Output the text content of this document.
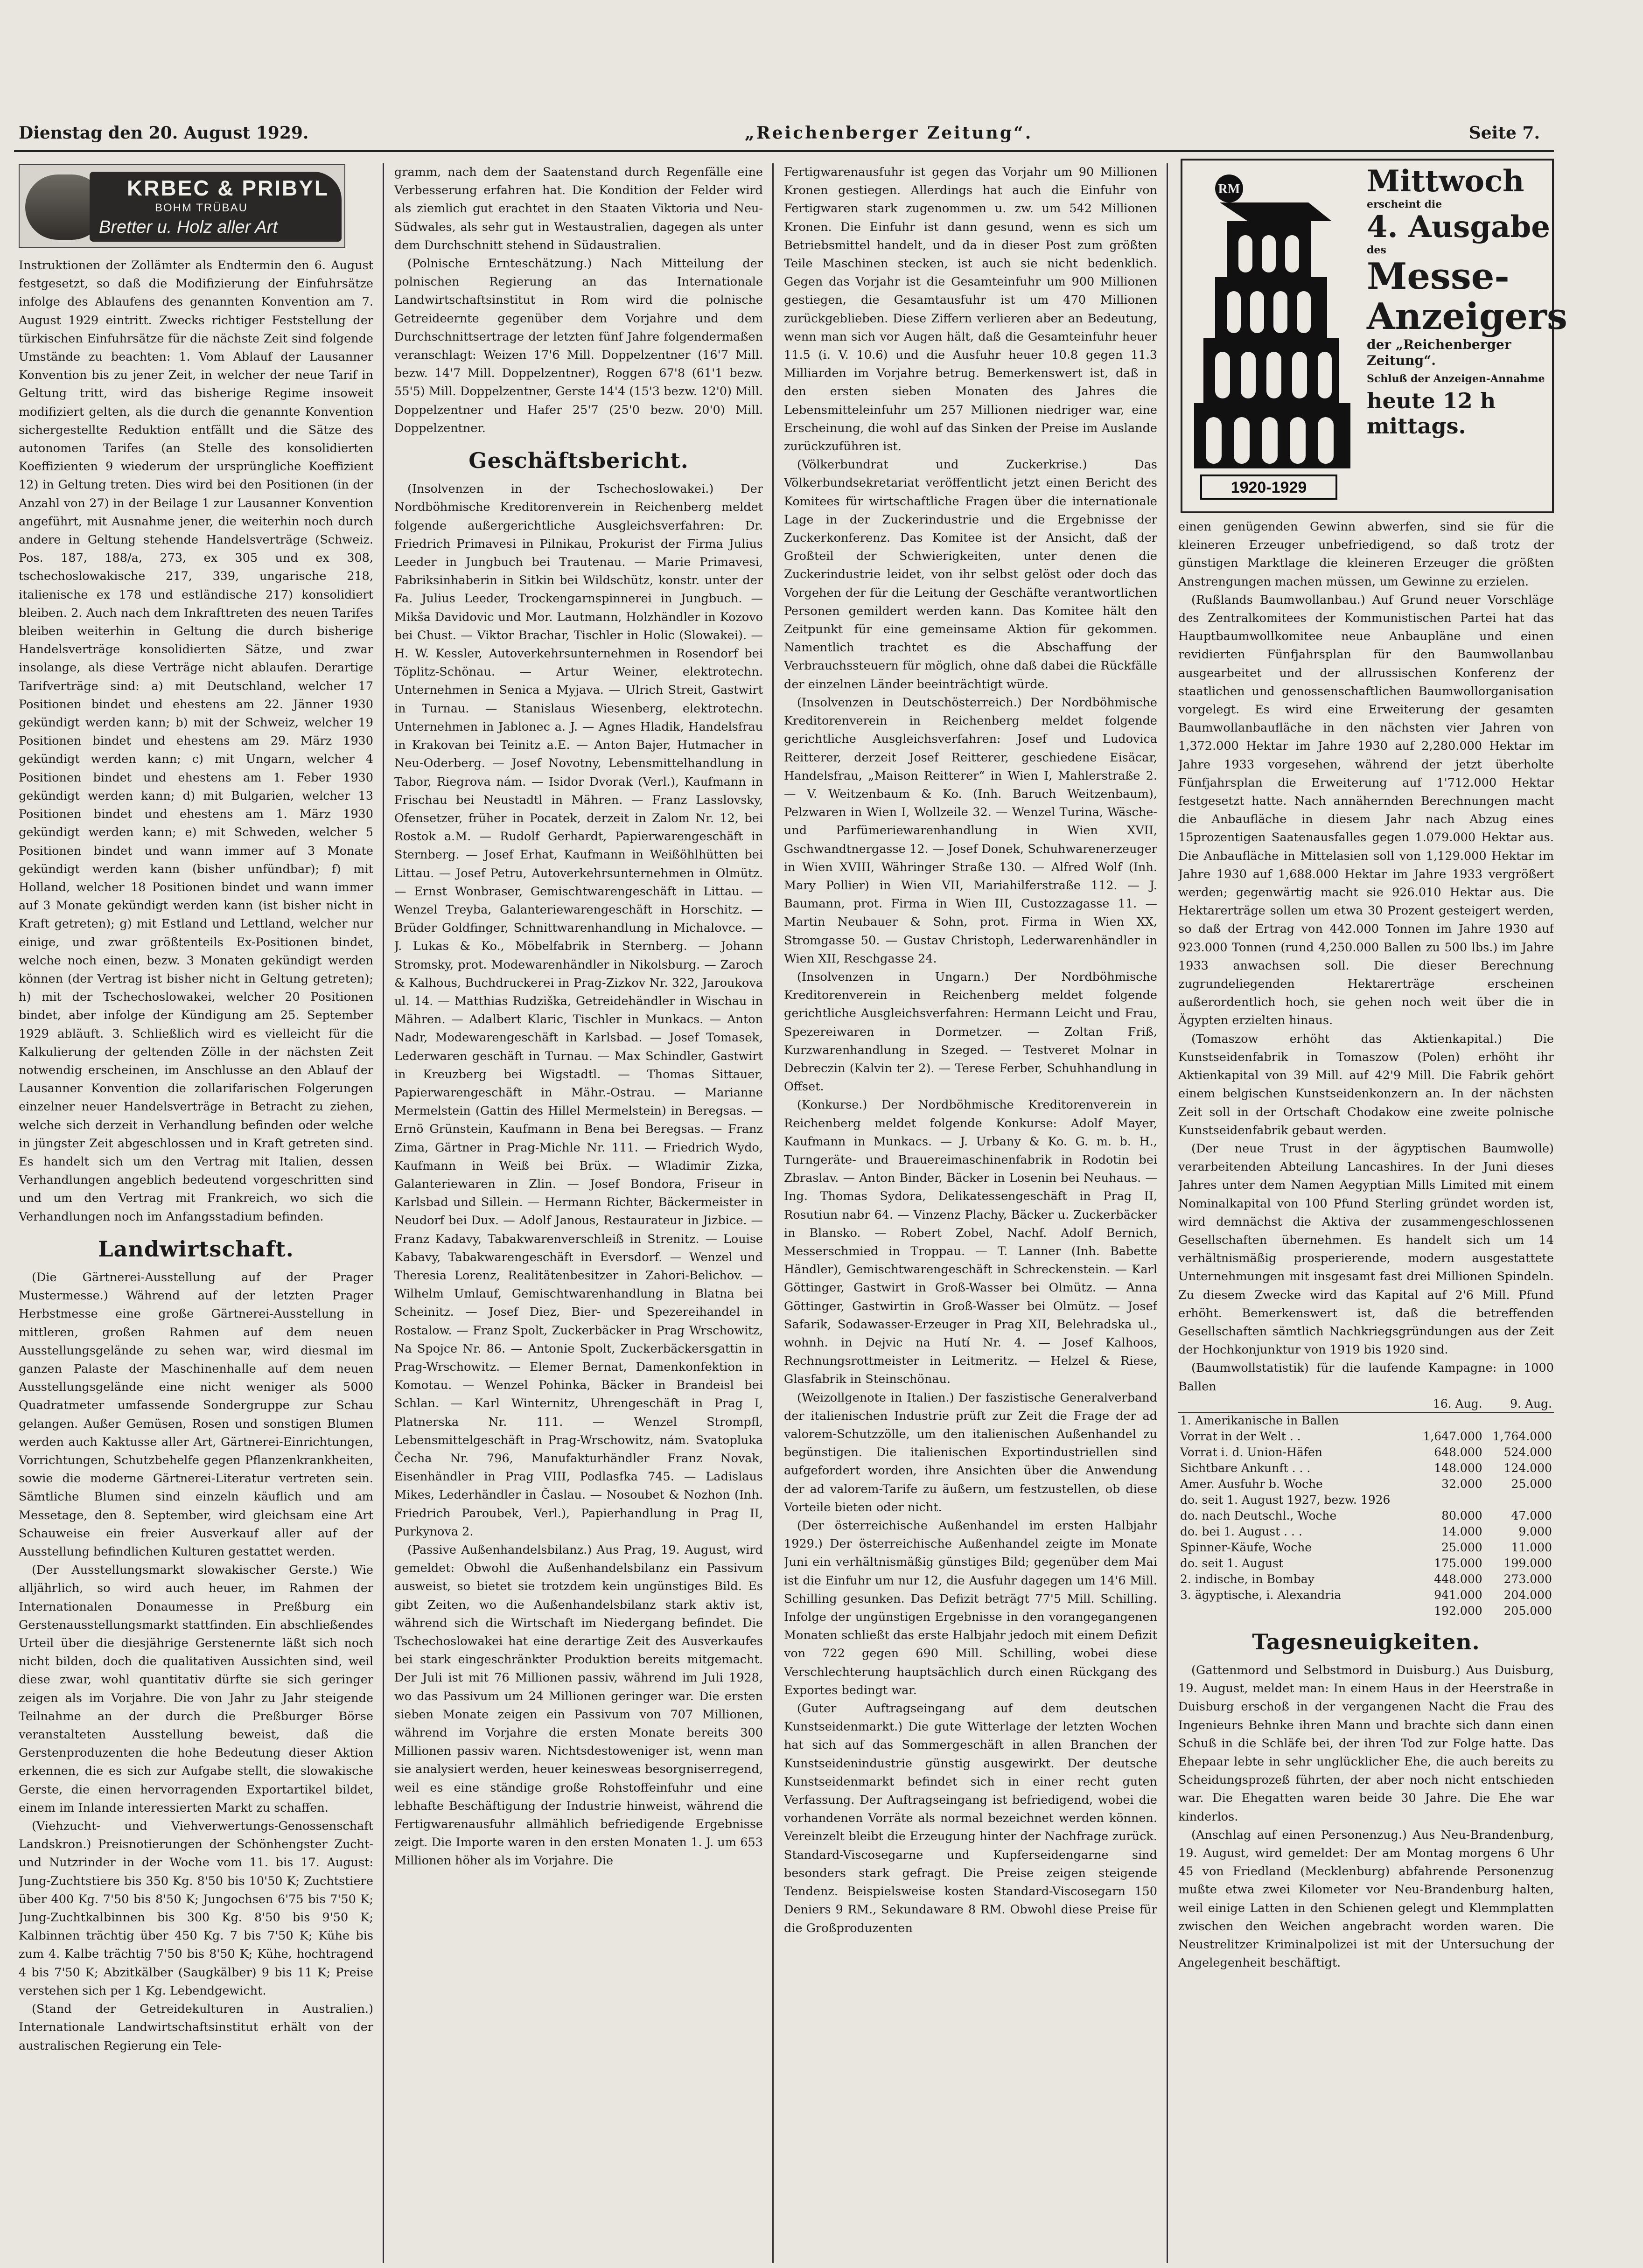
Dienstag den 20. August 1929.	„Reichenberger Zeitung“.	Seite 7.
KRBEC & PRIBYL
BOHM TRÜBAU
Bretter u. Holz aller Art

Instruktionen der Zollämter als Endtermin den 6. August festgesetzt, so daß die Modifizierung der Einfuhrsätze infolge des Ablaufens des genannten Konvention am 7. August 1929 eintritt. Zwecks richtiger Feststellung der türkischen Einfuhrsätze für die nächste Zeit sind folgende Umstände zu beachten: 1. Vom Ablauf der Lausanner Konvention bis zu jener Zeit, in welcher der neue Tarif in Geltung tritt, wird das bisherige Regime insoweit modifiziert gelten, als die durch die genannte Konvention sichergestellte Reduktion entfällt und die Sätze des autonomen Tarifes (an Stelle des konsolidierten Koeffizienten 9 wiederum der ursprüngliche Koeffizient 12) in Geltung treten. Dies wird bei den Positionen (in der Anzahl von 27) in der Beilage 1 zur Lausanner Konvention angeführt, mit Ausnahme jener, die weiterhin noch durch andere in Geltung stehende Handelsverträge (Schweiz. Pos. 187, 188/a, 273, ex 305 und ex 308, tschechoslowakische 217, 339, ungarische 218, italienische ex 178 und estländische 217) konsolidiert bleiben. 2. Auch nach dem Inkrafttreten des neuen Tarifes bleiben weiterhin in Geltung die durch bisherige Handelsverträge konsolidierten Sätze, und zwar insolange, als diese Verträge nicht ablaufen. Derartige Tarifverträge sind: a) mit Deutschland, welcher 17 Positionen bindet und ehestens am 22. Jänner 1930 gekündigt werden kann; b) mit der Schweiz, welcher 19 Positionen bindet und ehestens am 29. März 1930 gekündigt werden kann; c) mit Ungarn, welcher 4 Positionen bindet und ehestens am 1. Feber 1930 gekündigt werden kann; d) mit Bulgarien, welcher 13 Positionen bindet und ehestens am 1. März 1930 gekündigt werden kann; e) mit Schweden, welcher 5 Positionen bindet und wann immer auf 3 Monate gekündigt werden kann (bisher unfündbar); f) mit Holland, welcher 18 Positionen bindet und wann immer auf 3 Monate gekündigt werden kann (ist bisher nicht in Kraft getreten); g) mit Estland und Lettland, welcher nur einige, und zwar größtenteils Ex-Positionen bindet, welche noch einen, bezw. 3 Monaten gekündigt werden können (der Vertrag ist bisher nicht in Geltung getreten); h) mit der Tschechoslowakei, welcher 20 Positionen bindet, aber infolge der Kündigung am 25. September 1929 abläuft. 3. Schließlich wird es vielleicht für die Kalkulierung der geltenden Zölle in der nächsten Zeit notwendig erscheinen, im Anschlusse an den Ablauf der Lausanner Konvention die zollarifarischen Folgerungen einzelner neuer Handelsverträge in Betracht zu ziehen, welche sich derzeit in Verhandlung befinden oder welche in jüngster Zeit abgeschlossen und in Kraft getreten sind. Es handelt sich um den Vertrag mit Italien, dessen Verhandlungen angeblich bedeutend vorgeschritten sind und um den Vertrag mit Frankreich, wo sich die Verhandlungen noch im Anfangsstadium befinden.

Landwirtschaft.

(Die Gärtnerei-Ausstellung auf der Prager Mustermesse.) Während auf der letzten Prager Herbstmesse eine große Gärtnerei-Ausstellung in mittleren, großen Rahmen auf dem neuen Ausstellungsgelände zu sehen war, wird diesmal im ganzen Palaste der Maschinenhalle auf dem neuen Ausstellungsgelände eine nicht weniger als 5000 Quadratmeter umfassende Sondergruppe zur Schau gelangen. Außer Gemüsen, Rosen und sonstigen Blumen werden auch Kaktusse aller Art, Gärtnerei-Einrichtungen, Vorrichtungen, Schutzbehelfe gegen Pflanzenkrankheiten, sowie die moderne Gärtnerei-Literatur vertreten sein. Sämtliche Blumen sind einzeln käuflich und am Messetage, den 8. September, wird gleichsam eine Art Schauweise ein freier Ausverkauf aller auf der Ausstellung befindlichen Kulturen gestattet werden.

(Der Ausstellungsmarkt slowakischer Gerste.) Wie alljährlich, so wird auch heuer, im Rahmen der Internationalen Donaumesse in Preßburg ein Gerstenausstellungsmarkt stattfinden. Ein abschließendes Urteil über die diesjährige Gerstenernte läßt sich noch nicht bilden, doch die qualitativen Aussichten sind, weil diese zwar, wohl quantitativ dürfte sie sich geringer zeigen als im Vorjahre. Die von Jahr zu Jahr steigende Teilnahme an der durch die Preßburger Börse veranstalteten Ausstellung beweist, daß die Gerstenproduzenten die hohe Bedeutung dieser Aktion erkennen, die es sich zur Aufgabe stellt, die slowakische Gerste, die einen hervorragenden Exportartikel bildet, einem im Inlande interessierten Markt zu schaffen.

(Viehzucht- und Viehverwertungs-Genossenschaft Landskron.) Preisnotierungen der Schönhengster Zucht- und Nutzrinder in der Woche vom 11. bis 17. August: Jung-Zuchtstiere bis 350 Kg. 8'50 bis 10'50 K; Zuchtstiere über 400 Kg. 7'50 bis 8'50 K; Jungochsen 6'75 bis 7'50 K; Jung-Zuchtkalbinnen bis 300 Kg. 8'50 bis 9'50 K; Kalbinnen trächtig über 450 Kg. 7 bis 7'50 K; Kühe bis zum 4. Kalbe trächtig 7'50 bis 8'50 K; Kühe, hochtragend 4 bis 7'50 K; Abzitkälber (Saugkälber) 9 bis 11 K; Preise verstehen sich per 1 Kg. Lebendgewicht.

(Stand der Getreidekulturen in Australien.) Internationale Landwirtschaftsinstitut erhält von der australischen Regierung ein Tele-

gramm, nach dem der Saatenstand durch Regenfälle eine Verbesserung erfahren hat. Die Kondition der Felder wird als ziemlich gut erachtet in den Staaten Viktoria und Neu-Südwales, als sehr gut in Westaustralien, dagegen als unter dem Durchschnitt stehend in Südaustralien.

(Polnische Ernteschätzung.) Nach Mitteilung der polnischen Regierung an das Internationale Landwirtschaftsinstitut in Rom wird die polnische Getreideernte gegenüber dem Vorjahre und dem Durchschnittsertrage der letzten fünf Jahre folgendermaßen veranschlagt: Weizen 17'6 Mill. Doppelzentner (16'7 Mill. bezw. 14'7 Mill. Doppelzentner), Roggen 67'8 (61'1 bezw. 55'5) Mill. Doppelzentner, Gerste 14'4 (15'3 bezw. 12'0) Mill. Doppelzentner und Hafer 25'7 (25'0 bezw. 20'0) Mill. Doppelzentner.

Geschäftsbericht.

(Insolvenzen in der Tschechoslowakei.) Der Nordböhmische Kreditorenverein in Reichenberg meldet folgende außergerichtliche Ausgleichsverfahren: Dr. Friedrich Primavesi in Pilnikau, Prokurist der Firma Julius Leeder in Jungbuch bei Trautenau. — Marie Primavesi, Fabriksinhaberin in Sitkin bei Wildschütz, konstr. unter der Fa. Julius Leeder, Trockengarnspinnerei in Jungbuch. — Mikša Davidovic und Mor. Lautmann, Holzhändler in Kozovo bei Chust. — Viktor Brachar, Tischler in Holic (Slowakei). — H. W. Kessler, Autoverkehrsunternehmen in Rosendorf bei Töplitz-Schönau. — Artur Weiner, elektrotechn. Unternehmen in Senica a Myjava. — Ulrich Streit, Gastwirt in Turnau. — Stanislaus Wiesenberg, elektrotechn. Unternehmen in Jablonec a. J. — Agnes Hladik, Handelsfrau in Krakovan bei Teinitz a.E. — Anton Bajer, Hutmacher in Neu-Oderberg. — Josef Novotny, Lebensmittelhandlung in Tabor, Riegrova nám. — Isidor Dvorak (Verl.), Kaufmann in Frischau bei Neustadtl in Mähren. — Franz Lasslovsky, Ofensetzer, früher in Pocatek, derzeit in Zalom Nr. 12, bei Rostok a.M. — Rudolf Gerhardt, Papierwarengeschäft in Sternberg. — Josef Erhat, Kaufmann in Weißöhlhütten bei Littau. — Josef Petru, Autoverkehrsunternehmen in Olmütz. — Ernst Wonbraser, Gemischtwarengeschäft in Littau. — Wenzel Treyba, Galanteriewarengeschäft in Horschitz. — Brüder Goldfinger, Schnittwarenhandlung in Michalovce. — J. Lukas & Ko., Möbelfabrik in Sternberg. — Johann Stromsky, prot. Modewarenhändler in Nikolsburg. — Zaroch & Kalhous, Buchdruckerei in Prag-Zizkov Nr. 322, Jaroukova ul. 14. — Matthias Rudziška, Getreidehändler in Wischau in Mähren. — Adalbert Klaric, Tischler in Munkacs. — Anton Nadr, Modewarengeschäft in Karlsbad. — Josef Tomasek, Lederwaren geschäft in Turnau. — Max Schindler, Gastwirt in Kreuzberg bei Wigstadtl. — Thomas Sittauer, Papierwarengeschäft in Mähr.-Ostrau. — Marianne Mermelstein (Gattin des Hillel Mermelstein) in Beregsas. — Ernö Grünstein, Kaufmann in Bena bei Beregsas. — Franz Zima, Gärtner in Prag-Michle Nr. 111. — Friedrich Wydo, Kaufmann in Weiß bei Brüx. — Wladimir Zizka, Galanteriewaren in Zlin. — Josef Bondora, Friseur in Karlsbad und Sillein. — Hermann Richter, Bäckermeister in Neudorf bei Dux. — Adolf Janous, Restaurateur in Jizbice. — Franz Kadavy, Tabakwarenverschleiß in Strenitz. — Louise Kabavy, Tabakwarengeschäft in Eversdorf. — Wenzel und Theresia Lorenz, Realitätenbesitzer in Zahori-Belichov. — Wilhelm Umlauf, Gemischtwarenhandlung in Blatna bei Scheinitz. — Josef Diez, Bier- und Spezereihandel in Rostalow. — Franz Spolt, Zuckerbäcker in Prag Wrschowitz, Na Spojce Nr. 86. — Antonie Spolt, Zuckerbäckersgattin in Prag-Wrschowitz. — Elemer Bernat, Damenkonfektion in Komotau. — Wenzel Pohinka, Bäcker in Brandeisl bei Schlan. — Karl Winternitz, Uhrengeschäft in Prag I, Platnerska Nr. 111. — Wenzel Strompfl, Lebensmittelgeschäft in Prag-Wrschowitz, nám. Svatopluka Čecha Nr. 796, Manufakturhändler Franz Novak, Eisenhändler in Prag VIII, Podlasfka 745. — Ladislaus Mikes, Lederhändler in Časlau. — Nosoubet & Nozhon (Inh. Friedrich Paroubek, Verl.), Papierhandlung in Prag II, Purkynova 2.

(Passive Außenhandelsbilanz.) Aus Prag, 19. August, wird gemeldet: Obwohl die Außenhandelsbilanz ein Passivum ausweist, so bietet sie trotzdem kein ungünstiges Bild. Es gibt Zeiten, wo die Außenhandelsbilanz stark aktiv ist, während sich die Wirtschaft im Niedergang befindet. Die Tschechoslowakei hat eine derartige Zeit des Ausverkaufes bei stark eingeschränkter Produktion bereits mitgemacht. Der Juli ist mit 76 Millionen passiv, während im Juli 1928, wo das Passivum um 24 Millionen geringer war. Die ersten sieben Monate zeigen ein Passivum von 707 Millionen, während im Vorjahre die ersten Monate bereits 300 Millionen passiv waren. Nichtsdestoweniger ist, wenn man sie analysiert werden, heuer keinesweas besorgniserregend, weil es eine ständige große Rohstoffeinfuhr und eine lebhafte Beschäftigung der Industrie hinweist, während die Fertigwarenausfuhr allmählich befriedigende Ergebnisse zeigt. Die Importe waren in den ersten Monaten 1. J. um 653 Millionen höher als im Vorjahre. Die

Fertigwarenausfuhr ist gegen das Vorjahr um 90 Millionen Kronen gestiegen. Allerdings hat auch die Einfuhr von Fertigwaren stark zugenommen u. zw. um 542 Millionen Kronen. Die Einfuhr ist dann gesund, wenn es sich um Betriebsmittel handelt, und da in dieser Post zum größten Teile Maschinen stecken, ist auch sie nicht bedenklich. Gegen das Vorjahr ist die Gesamteinfuhr um 900 Millionen gestiegen, die Gesamtausfuhr ist um 470 Millionen zurückgeblieben. Diese Ziffern verlieren aber an Bedeutung, wenn man sich vor Augen hält, daß die Gesamteinfuhr heuer 11.5 (i. V. 10.6) und die Ausfuhr heuer 10.8 gegen 11.3 Milliarden im Vorjahre betrug. Bemerkenswert ist, daß in den ersten sieben Monaten des Jahres die Lebensmitteleinfuhr um 257 Millionen niedriger war, eine Erscheinung, die wohl auf das Sinken der Preise im Auslande zurückzuführen ist.

(Völkerbundrat und Zuckerkrise.) Das Völkerbundsekretariat veröffentlicht jetzt einen Bericht des Komitees für wirtschaftliche Fragen über die internationale Lage in der Zuckerindustrie und die Ergebnisse der Zuckerkonferenz. Das Komitee ist der Ansicht, daß der Großteil der Schwierigkeiten, unter denen die Zuckerindustrie leidet, von ihr selbst gelöst oder doch das Vorgehen der für die Leitung der Geschäfte verantwortlichen Personen gemildert werden kann. Das Komitee hält den Zeitpunkt für eine gemeinsame Aktion für gekommen. Namentlich trachtet es die Abschaffung der Verbrauchssteuern für möglich, ohne daß dabei die Rückfälle der einzelnen Länder beeinträchtigt würde.

(Insolvenzen in Deutschösterreich.) Der Nordböhmische Kreditorenverein in Reichenberg meldet folgende gerichtliche Ausgleichsverfahren: Josef und Ludovica Reitterer, derzeit Josef Reitterer, geschiedene Eisäcar, Handelsfrau, „Maison Reitterer“ in Wien I, Mahlerstraße 2. — V. Weitzenbaum & Ko. (Inh. Baruch Weitzenbaum), Pelzwaren in Wien I, Wollzeile 32. — Wenzel Turina, Wäsche- und Parfümeriewarenhandlung in Wien XVII, Gschwandtnergasse 12. — Josef Donek, Schuhwarenerzeuger in Wien XVIII, Währinger Straße 130. — Alfred Wolf (Inh. Mary Pollier) in Wien VII, Mariahilferstraße 112. — J. Baumann, prot. Firma in Wien III, Custozzagasse 11. — Martin Neubauer & Sohn, prot. Firma in Wien XX, Stromgasse 50. — Gustav Christoph, Lederwarenhändler in Wien XII, Reschgasse 24.

(Insolvenzen in Ungarn.) Der Nordböhmische Kreditorenverein in Reichenberg meldet folgende gerichtliche Ausgleichsverfahren: Hermann Leicht und Frau, Spezereiwaren in Dormetzer. — Zoltan Friß, Kurzwarenhandlung in Szeged. — Testveret Molnar in Debreczin (Kalvin ter 2). — Terese Ferber, Schuhhandlung in Offset.

(Konkurse.) Der Nordböhmische Kreditorenverein in Reichenberg meldet folgende Konkurse: Adolf Mayer, Kaufmann in Munkacs. — J. Urbany & Ko. G. m. b. H., Turngeräte- und Brauereimaschinenfabrik in Rodotin bei Zbraslav. — Anton Binder, Bäcker in Losenin bei Neuhaus. — Ing. Thomas Sydora, Delikatessengeschäft in Prag II, Rosutiun nabr 64. — Vinzenz Plachy, Bäcker u. Zuckerbäcker in Blansko. — Robert Zobel, Nachf. Adolf Bernich, Messerschmied in Troppau. — T. Lanner (Inh. Babette Händler), Gemischtwarengeschäft in Schreckenstein. — Karl Göttinger, Gastwirt in Groß-Wasser bei Olmütz. — Anna Göttinger, Gastwirtin in Groß-Wasser bei Olmütz. — Josef Safarik, Sodawasser-Erzeuger in Prag XII, Belehradska ul., wohnh. in Dejvic na Hutí Nr. 4. — Josef Kalhoos, Rechnungsrottmeister in Leitmeritz. — Helzel & Riese, Glasfabrik in Steinschönau.

(Weizollgenote in Italien.) Der faszistische Generalverband der italienischen Industrie prüft zur Zeit die Frage der ad valorem-Schutzzölle, um den italienischen Außenhandel zu begünstigen. Die italienischen Exportindustriellen sind aufgefordert worden, ihre Ansichten über die Anwendung der ad valorem-Tarife zu äußern, um festzustellen, ob diese Vorteile bieten oder nicht.

(Der österreichische Außenhandel im ersten Halbjahr 1929.) Der österreichische Außenhandel zeigte im Monate Juni ein verhältnismäßig günstiges Bild; gegenüber dem Mai ist die Einfuhr um nur 12, die Ausfuhr dagegen um 14'6 Mill. Schilling gesunken. Das Defizit beträgt 77'5 Mill. Schilling. Infolge der ungünstigen Ergebnisse in den vorangegangenen Monaten schließt das erste Halbjahr jedoch mit einem Defizit von 722 gegen 690 Mill. Schilling, wobei diese Verschlechterung hauptsächlich durch einen Rückgang des Exportes bedingt war.

(Guter Auftragseingang auf dem deutschen Kunstseidenmarkt.) Die gute Witterlage der letzten Wochen hat sich auf das Sommergeschäft in allen Branchen der Kunstseidenindustrie günstig ausgewirkt. Der deutsche Kunstseidenmarkt befindet sich in einer recht guten Verfassung. Der Auftragseingang ist befriedigend, wobei die vorhandenen Vorräte als normal bezeichnet werden können. Vereinzelt bleibt die Erzeugung hinter der Nachfrage zurück. Standard-Viscosegarne und Kupferseidengarne sind besonders stark gefragt. Die Preise zeigen steigende Tendenz. Beispielsweise kosten Standard-Viscosegarn 150 Deniers 9 RM., Sekundaware 8 RM. Obwohl diese Preise für die Großproduzenten

RM
1920-1929
Mittwoch
erscheint die
4. Ausgabe
des
Messe-
Anzeigers
der „Reichenberger Zeitung“.
Schluß der Anzeigen-Annahme
heute 12 h mittags.

einen genügenden Gewinn abwerfen, sind sie für die kleineren Erzeuger unbefriedigend, so daß trotz der günstigen Marktlage die kleineren Erzeuger die größten Anstrengungen machen müssen, um Gewinne zu erzielen.

(Rußlands Baumwollanbau.) Auf Grund neuer Vorschläge des Zentralkomitees der Kommunistischen Partei hat das Hauptbaumwollkomitee neue Anbaupläne und einen revidierten Fünfjahrsplan für den Baumwollanbau ausgearbeitet und der allrussischen Konferenz der staatlichen und genossenschaftlichen Baumwollorganisation vorgelegt. Es wird eine Erweiterung der gesamten Baumwollanbaufläche in den nächsten vier Jahren von 1,372.000 Hektar im Jahre 1930 auf 2,280.000 Hektar im Jahre 1933 vorgesehen, während der jetzt überholte Fünfjahrsplan die Erweiterung auf 1'712.000 Hektar festgesetzt hatte. Nach annähernden Berechnungen macht die Anbaufläche in diesem Jahr nach Abzug eines 15prozentigen Saatenausfalles gegen 1.079.000 Hektar aus. Die Anbaufläche in Mittelasien soll von 1,129.000 Hektar im Jahre 1930 auf 1,688.000 Hektar im Jahre 1933 vergrößert werden; gegenwärtig macht sie 926.010 Hektar aus. Die Hektarerträge sollen um etwa 30 Prozent gesteigert werden, so daß der Ertrag von 442.000 Tonnen im Jahre 1930 auf 923.000 Tonnen (rund 4,250.000 Ballen zu 500 lbs.) im Jahre 1933 anwachsen soll. Die dieser Berechnung zugrundeliegenden Hektarerträge erscheinen außerordentlich hoch, sie gehen noch weit über die in Ägypten erzielten hinaus.

(Tomaszow erhöht das Aktienkapital.) Die Kunstseidenfabrik in Tomaszow (Polen) erhöht ihr Aktienkapital von 39 Mill. auf 42'9 Mill. Die Fabrik gehört einem belgischen Kunstseidenkonzern an. In der nächsten Zeit soll in der Ortschaft Chodakow eine zweite polnische Kunstseidenfabrik gebaut werden.

(Der neue Trust in der ägyptischen Baumwolle) verarbeitenden Abteilung Lancashires. In der Juni dieses Jahres unter dem Namen Aegyptian Mills Limited mit einem Nominalkapital von 100 Pfund Sterling gründet worden ist, wird demnächst die Aktiva der zusammengeschlossenen Gesellschaften übernehmen. Es handelt sich um 14 verhältnismäßig prosperierende, modern ausgestattete Unternehmungen mit insgesamt fast drei Millionen Spindeln. Zu diesem Zwecke wird das Kapital auf 2'6 Mill. Pfund erhöht. Bemerkenswert ist, daß die betreffenden Gesellschaften sämtlich Nachkriegsgründungen aus der Zeit der Hochkonjunktur von 1919 bis 1920 sind.

(Baumwollstatistik) für die laufende Kampagne: in 1000 Ballen

	16. Aug.	9. Aug.
1. Amerikanische in Ballen		
Vorrat in der Welt . .	1,647.000	1,764.000
Vorrat i. d. Union-Häfen	648.000	524.000
Sichtbare Ankunft . . .	148.000	124.000
Amer. Ausfuhr b. Woche	32.000	25.000
do. seit 1. August 1927, bezw. 1926		
do. nach Deutschl., Woche	80.000	47.000
do. bei 1. August . . .	14.000	9.000
Spinner-Käufe, Woche	25.000	11.000
do. seit 1. August	175.000	199.000
2. indische, in Bombay	448.000	273.000
3. ägyptische, i. Alexandria	941.000	204.000
	192.000	205.000
Tagesneuigkeiten.

(Gattenmord und Selbstmord in Duisburg.) Aus Duisburg, 19. August, meldet man: In einem Haus in der Heerstraße in Duisburg erschoß in der vergangenen Nacht die Frau des Ingenieurs Behnke ihren Mann und brachte sich dann einen Schuß in die Schläfe bei, der ihren Tod zur Folge hatte. Das Ehepaar lebte in sehr unglücklicher Ehe, die auch bereits zu Scheidungsprozeß führten, der aber noch nicht entschieden war. Die Ehegatten waren beide 30 Jahre. Die Ehe war kinderlos.

(Anschlag auf einen Personenzug.) Aus Neu-Brandenburg, 19. August, wird gemeldet: Der am Montag morgens 6 Uhr 45 von Friedland (Mecklenburg) abfahrende Personenzug mußte etwa zwei Kilometer vor Neu-Brandenburg halten, weil einige Latten in den Schienen gelegt und Klemmplatten zwischen den Weichen angebracht worden waren. Die Neustrelitzer Kriminalpolizei ist mit der Untersuchung der Angelegenheit beschäftigt.
